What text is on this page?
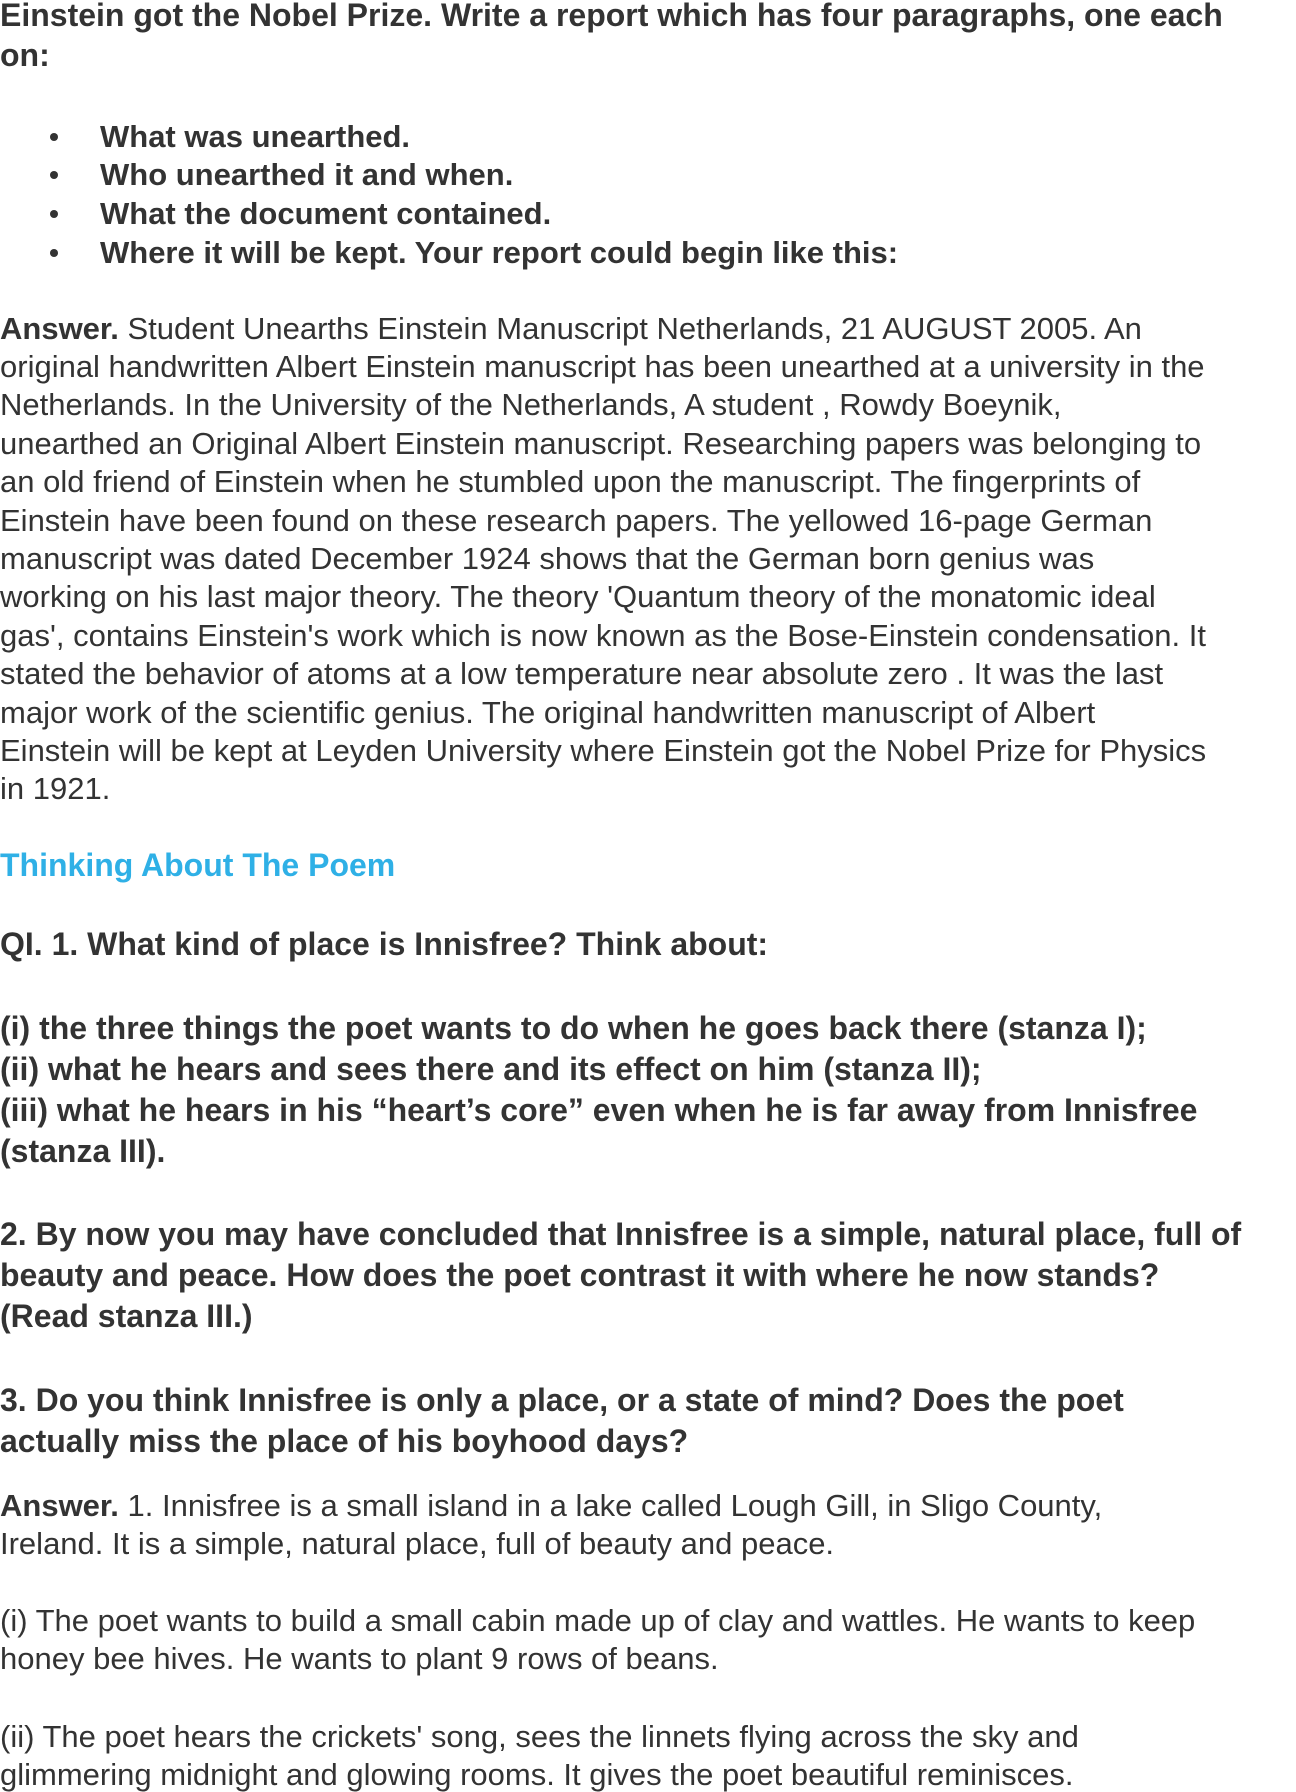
Einstein got the Nobel Prize. Write a report which has four paragraphs, one each
on:
What was unearthed.
Who unearthed it and when.
What the document contained.
Where it will be kept. Your report could begin like this:
Answer. Student Unearths Einstein Manuscript Netherlands, 21 AUGUST 2005. An
original handwritten Albert Einstein manuscript has been unearthed at a university in the
Netherlands. In the University of the Netherlands, A student , Rowdy Boeynik,
unearthed an Original Albert Einstein manuscript. Researching papers was belonging to
an old friend of Einstein when he stumbled upon the manuscript. The fingerprints of
Einstein have been found on these research papers. The yellowed 16-page German
manuscript was dated December 1924 shows that the German born genius was
working on his last major theory. The theory 'Quantum theory of the monatomic ideal
gas', contains Einstein's work which is now known as the Bose-Einstein condensation. It
stated the behavior of atoms at a low temperature near absolute zero . It was the last
major work of the scientific genius. The original handwritten manuscript of Albert
Einstein will be kept at Leyden University where Einstein got the Nobel Prize for Physics
in 1921.
Thinking About The Poem
QI. 1. What kind of place is Innisfree? Think about:
(i) the three things the poet wants to do when he goes back there (stanza I);
(ii) what he hears and sees there and its effect on him (stanza II);
(iii) what he hears in his “heart’s core” even when he is far away from Innisfree
(stanza III).
2. By now you may have concluded that Innisfree is a simple, natural place, full of
beauty and peace. How does the poet contrast it with where he now stands?
(Read stanza III.)
3. Do you think Innisfree is only a place, or a state of mind? Does the poet
actually miss the place of his boyhood days?
Answer. 1. Innisfree is a small island in a lake called Lough Gill, in Sligo County,
Ireland. It is a simple, natural place, full of beauty and peace.
(i) The poet wants to build a small cabin made up of clay and wattles. He wants to keep
honey bee hives. He wants to plant 9 rows of beans.
(ii) The poet hears the crickets' song, sees the linnets flying across the sky and
glimmering midnight and glowing rooms. It gives the poet beautiful reminisces.
